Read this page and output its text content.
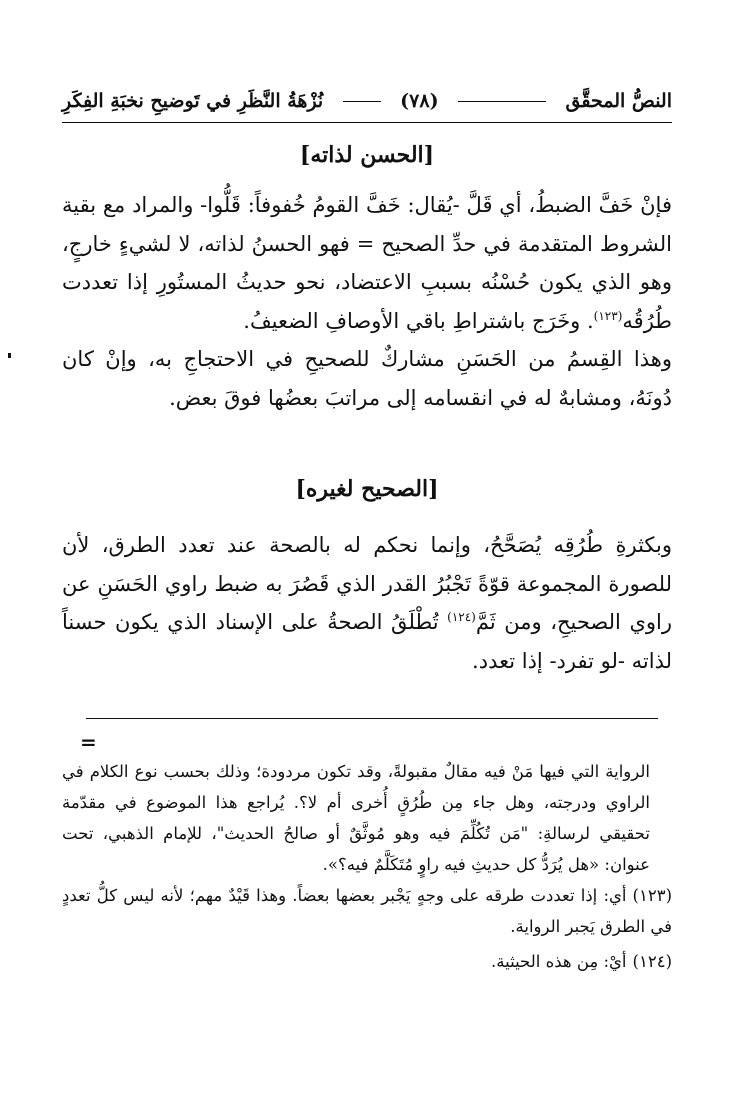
النصُّ المحقَّق
(٧٨)
نُزْهَةُ النَّظَرِ في تَوضيحِ نخبَةِ الفِكَرِ
[الحسن لذاته]

فإنْ خَفَّ الضبطُ، أي قَلَّ -يُقال: خَفَّ القومُ خُفوفاً: قَلُّوا- والمراد مع بقية الشروط المتقدمة في حدِّ الصحيح = فهو الحسنُ لذاته، لا لشيءٍ خارجٍ، وهو الذي يكون حُسْنُه بسببِ الاعتضاد، نحو حديثُ المستُورِ إذا تعددت طُرُقُه$^{(١٢٣)}$. وخَرَج باشتراطِ باقي الأوصافِ الضعيفُ.

وهذا القِسمُ من الحَسَنِ مشاركٌ للصحيحِ في الاحتجاجِ به، وإنْ كان دُونَهُ، ومشابهٌ له في انقسامه إلى مراتبَ بعضُها فوقَ بعض.

[الصحيح لغيره]

وبكثرةِ طُرُقِه يُصَحَّحُ، وإنما نحكم له بالصحة عند تعدد الطرق، لأن للصورة المجموعة قوّةً تَجْبُرُ القدر الذي قَصُرَ به ضبط راوي الحَسَنِ عن راوي الصحيحِ، ومن ثَمَّ$^{(١٢٤)}$ تُطْلَقُ الصحةُ على الإسناد الذي يكون حسناً لذاته -لو تفرد- إذا تعدد.

=

الرواية التي فيها مَنْ فيه مقالٌ مقبولةً، وقد تكون مردودة؛ وذلك بحسب نوع الكلام في الراوي ودرجته، وهل جاء مِن طُرُقٍ أُخرى أم لا؟. يُراجع هذا الموضوع في مقدّمة تحقيقي لرسالةِ: "مَن تُكُلِّمَ فيه وهو مُوثَّقٌ أو صالحُ الحديث"، للإمام الذهبي، تحت عنوان: «هل يُرَدُّ كل حديثِ فيه راوٍ مُتَكَلَّمٌ فيه؟».

(١٢٣)أي: إذا تعددت طرقه على وجهٍ يَجْبر بعضها بعضاً. وهذا قَيْدٌ مهم؛ لأنه ليس كلُّ تعددٍ في الطرق يَجبر الرواية.

(١٢٤)أيْ: مِن هذه الحيثية.
